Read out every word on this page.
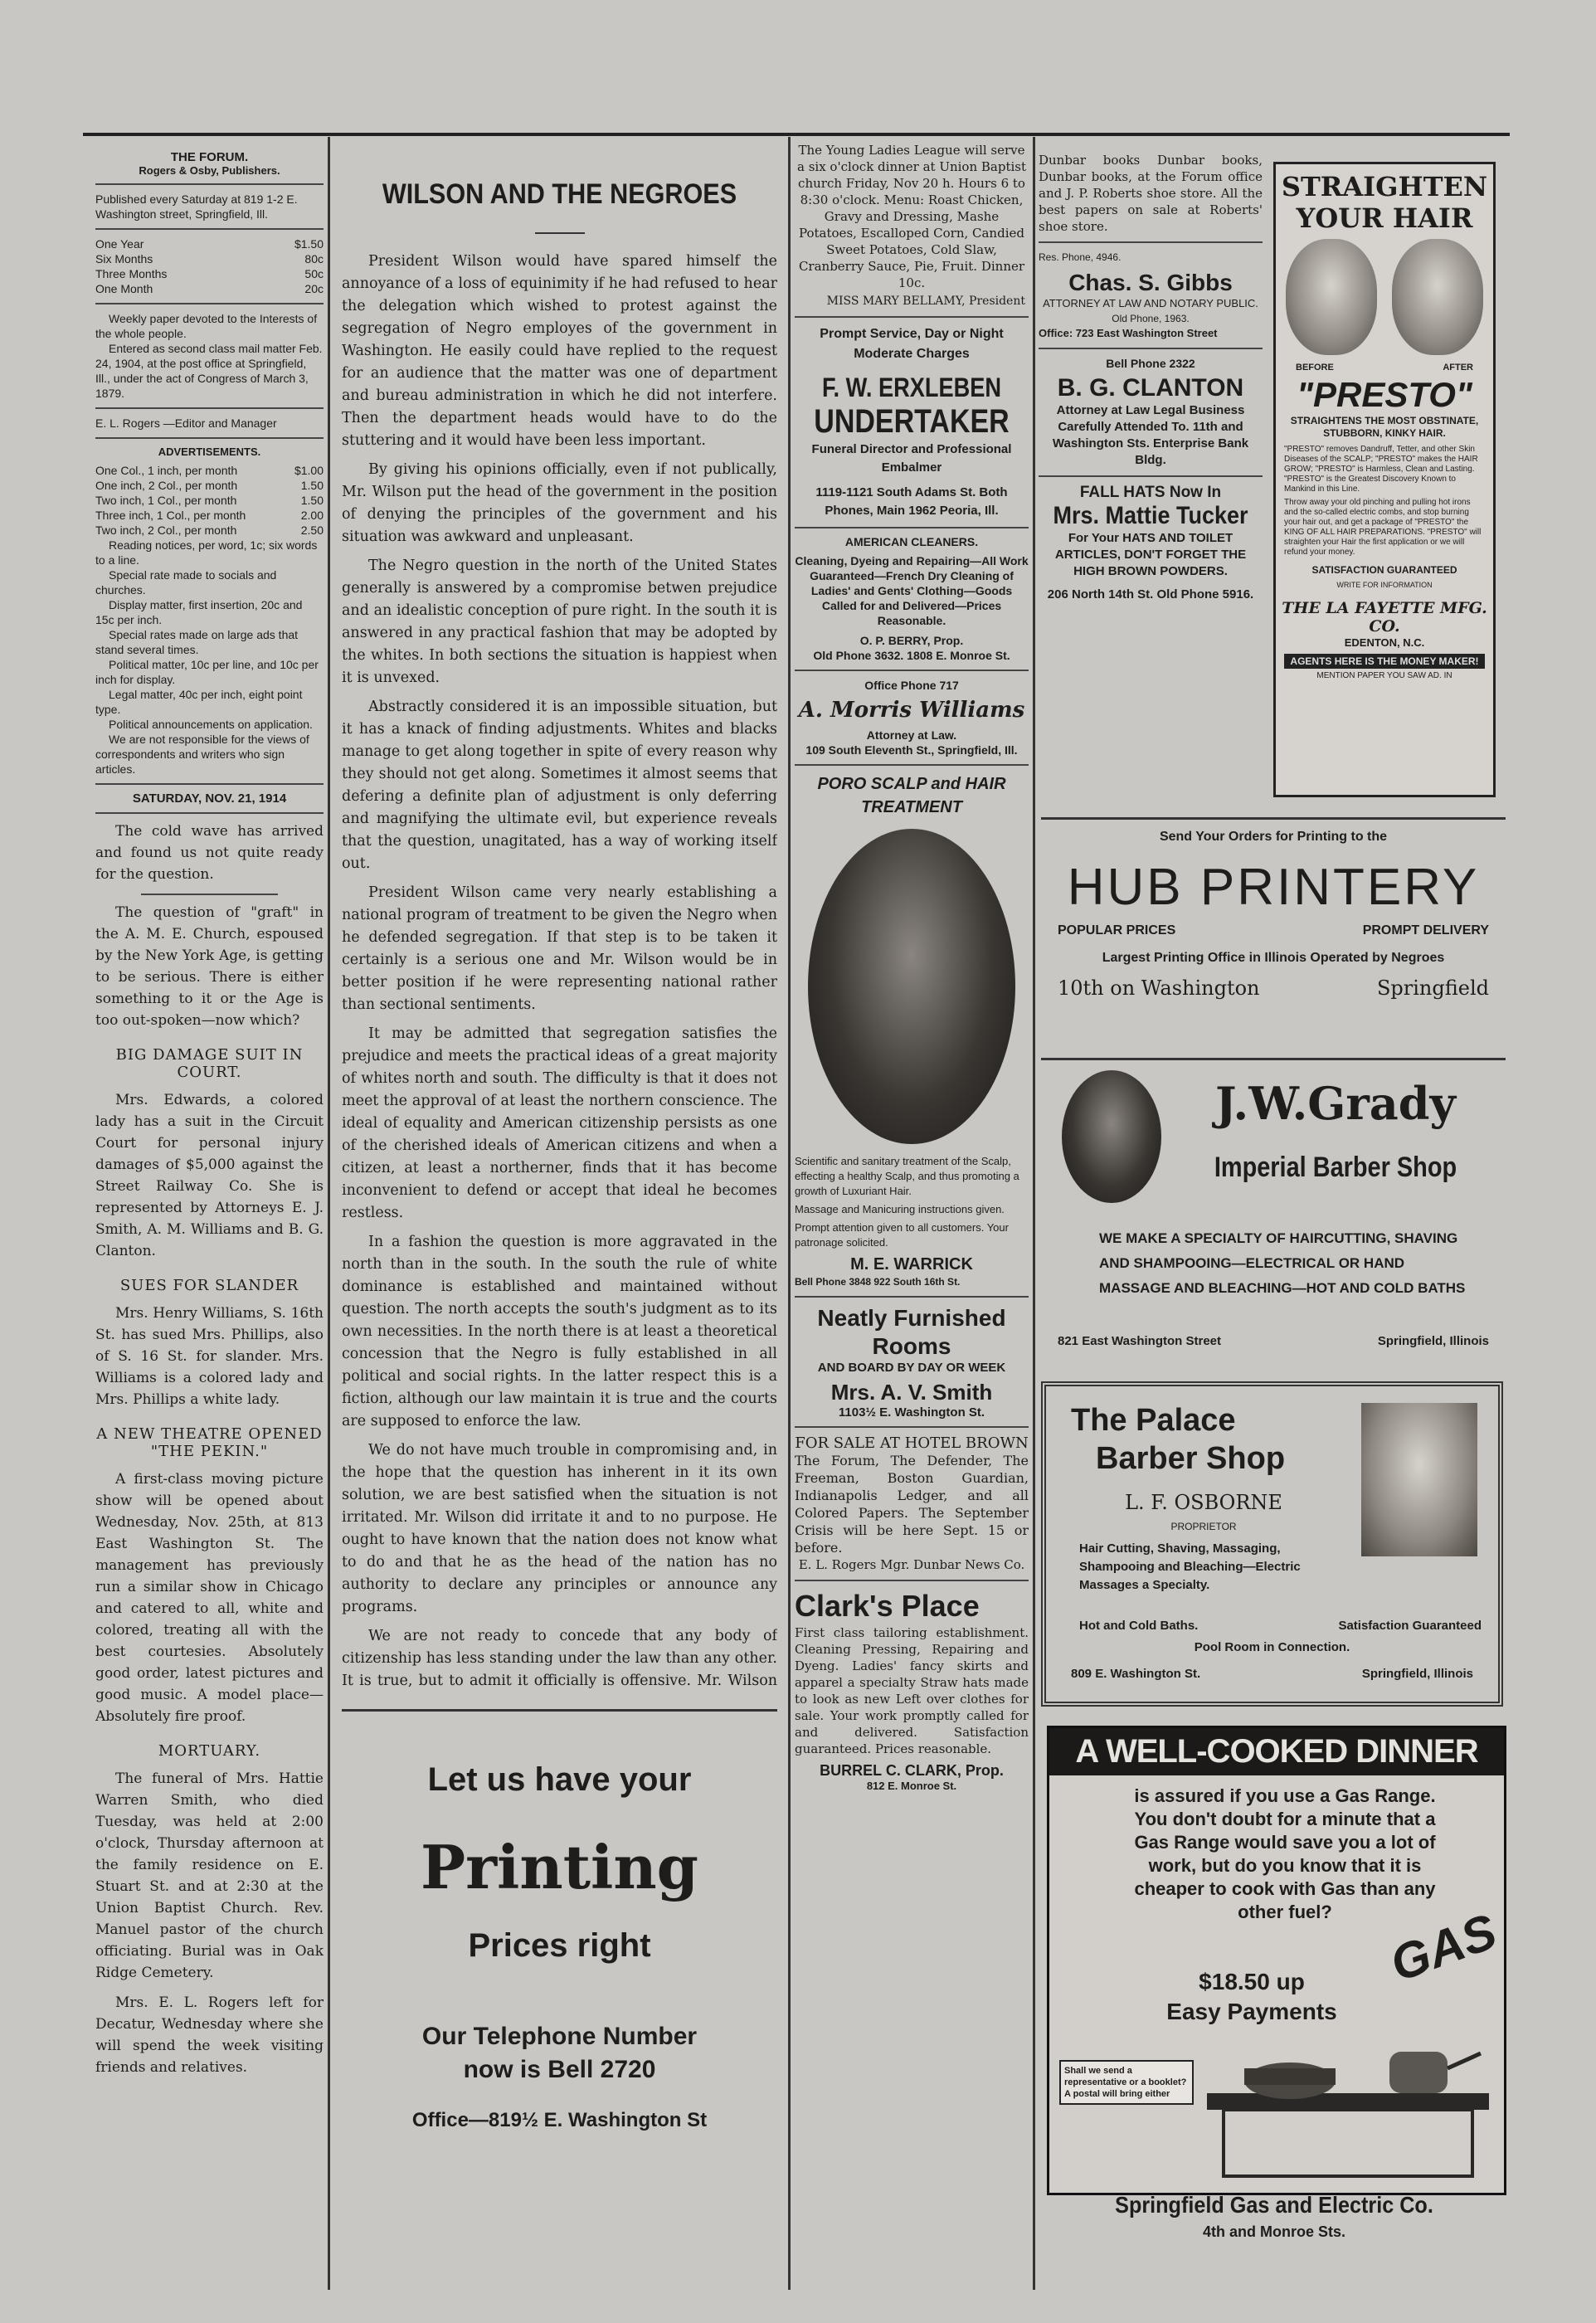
THE FORUM.
Rogers & Osby, Publishers.
Published every Saturday at 819 1-2 E. Washington street, Springfield, Ill.
One Year	$1.50
Six Months	80c
Three Months	50c
One Month	20c
Weekly paper devoted to the Interests of the whole people.
Entered as second class mail matter Feb. 24, 1904, at the post office at Springfield, Ill., under the act of Congress of March 3, 1879.
E. L. Rogers —Editor and Manager
ADVERTISEMENTS.
One Col., 1 inch, per month	$1.00
One inch, 2 Col., per month	1.50
Two inch, 1 Col., per month	1.50
Three inch, 1 Col., per month	2.00
Two inch, 2 Col., per month	2.50
Reading notices, per word, 1c; six words to a line.
Special rate made to socials and churches.
Display matter, first insertion, 20c and 15c per inch.
Special rates made on large ads that stand several times.
Political matter, 10c per line, and 10c per inch for display.
Legal matter, 40c per inch, eight point type.
Political announcements on application.
We are not responsible for the views of correspondents and writers who sign articles.
SATURDAY, NOV. 21, 1914

The cold wave has arrived and found us not quite ready for the question.

The question of "graft" in the A. M. E. Church, espoused by the New York Age, is getting to be serious. There is either something to it or the Age is too out-spoken—now which?

BIG DAMAGE SUIT IN COURT.

Mrs. Edwards, a colored lady has a suit in the Circuit Court for personal injury damages of $5,000 against the Street Railway Co. She is represented by Attorneys E. J. Smith, A. M. Williams and B. G. Clanton.

SUES FOR SLANDER

Mrs. Henry Williams, S. 16th St. has sued Mrs. Phillips, also of S. 16 St. for slander. Mrs. Williams is a colored lady and Mrs. Phillips a white lady.

A NEW THEATRE OPENED "THE PEKIN."

A first-class moving picture show will be opened about Wednesday, Nov. 25th, at 813 East Washington St. The management has previously run a similar show in Chicago and catered to all, white and colored, treating all with the best courtesies. Absolutely good order, latest pictures and good music. A model place—Absolutely fire proof.

MORTUARY.

The funeral of Mrs. Hattie Warren Smith, who died Tuesday, was held at 2:00 o'clock, Thursday afternoon at the family residence on E. Stuart St. and at 2:30 at the Union Baptist Church. Rev. Manuel pastor of the church officiating. Burial was in Oak Ridge Cemetery.

Mrs. E. L. Rogers left for Decatur, Wednesday where she will spend the week visiting friends and relatives.

WILSON AND THE NEGROES

President Wilson would have spared himself the annoyance of a loss of equinimity if he had refused to hear the delegation which wished to protest against the segregation of Negro employes of the government in Washington. He easily could have replied to the request for an audience that the matter was one of department and bureau administration in which he did not interfere. Then the department heads would have to do the stuttering and it would have been less important.

By giving his opinions officially, even if not publically, Mr. Wilson put the head of the government in the position of denying the principles of the government and his situation was awkward and unpleasant.

The Negro question in the north of the United States generally is answered by a compromise betwen prejudice and an idealistic conception of pure right. In the south it is answered in any practical fashion that may be adopted by the whites. In both sections the situation is happiest when it is unvexed.

Abstractly considered it is an impossible situation, but it has a knack of finding adjustments. Whites and blacks manage to get along together in spite of every reason why they should not get along. Sometimes it almost seems that defering a definite plan of adjustment is only deferring and magnifying the ultimate evil, but experience reveals that the question, unagitated, has a way of working itself out.

President Wilson came very nearly establishing a national program of treatment to be given the Negro when he defended segregation. If that step is to be taken it certainly is a serious one and Mr. Wilson would be in better position if he were representing national rather than sectional sentiments.

It may be admitted that segregation satisfies the prejudice and meets the practical ideas of a great majority of whites north and south. The difficulty is that it does not meet the approval of at least the northern conscience. The ideal of equality and American citizenship persists as one of the cherished ideals of American citizens and when a citizen, at least a northerner, finds that it has become inconvenient to defend or accept that ideal he becomes restless.

In a fashion the question is more aggravated in the north than in the south. In the south the rule of white dominance is established and maintained without question. The north accepts the south's judgment as to its own necessities. In the north there is at least a theoretical concession that the Negro is fully established in all political and social rights. In the latter respect this is a fiction, although our law maintain it is true and the courts are supposed to enforce the law.

We do not have much trouble in compromising and, in the hope that the question has inherent in it its own solution, we are best satisfied when the situation is not irritated. Mr. Wilson did irritate it and to no purpose. He ought to have known that the nation does not know what to do and that he as the head of the nation has no authority to declare any principles or announce any programs.

We are not ready to concede that any body of citizenship has less standing under the law than any other. It is true, but to admit it officially is offensive. Mr. Wilson

Let us have your
Printing
Prices right
Our Telephone Number
now is Bell 2720
Office—819½ E. Washington St
The Young Ladies League will serve a six o'clock dinner at Union Baptist church Friday, Nov 20 h. Hours 6 to 8:30 o'clock. Menu: Roast Chicken, Gravy and Dressing, Mashe Potatoes, Escalloped Corn, Candied Sweet Potatoes, Cold Slaw, Cranberry Sauce, Pie, Fruit. Dinner 10c.
MISS MARY BELLAMY, President
Prompt Service, Day or Night Moderate Charges
F. W. ERXLEBEN
UNDERTAKER
Funeral Director and Professional Embalmer
1119-1121 South Adams St. Both Phones, Main 1962 Peoria, Ill.
AMERICAN CLEANERS.
Cleaning, Dyeing and Repairing—All Work Guaranteed—French Dry Cleaning of Ladies' and Gents' Clothing—Goods Called for and Delivered—Prices Reasonable.
O. P. BERRY, Prop.
Old Phone 3632. 1808 E. Monroe St.
Office Phone 717
A. Morris Williams
Attorney at Law.
109 South Eleventh St., Springfield, Ill.
PORO SCALP and HAIR TREATMENT
Scientific and sanitary treatment of the Scalp, effecting a healthy Scalp, and thus promoting a growth of Luxuriant Hair.
Massage and Manicuring instructions given.
Prompt attention given to all customers. Your patronage solicited.
M. E. WARRICK
Bell Phone 3848 922 South 16th St.
Neatly Furnished Rooms
AND BOARD BY DAY OR WEEK
Mrs. A. V. Smith
1103½ E. Washington St.
FOR SALE AT HOTEL BROWN
The Forum, The Defender, The Freeman, Boston Guardian, Indianapolis Ledger, and all Colored Papers. The September Crisis will be here Sept. 15 or before.
E. L. Rogers Mgr. Dunbar News Co.
Clark's Place
First class tailoring establishment. Cleaning Pressing, Repairing and Dyeng. Ladies' fancy skirts and apparel a specialty Straw hats made to look as new Left over clothes for sale. Your work promptly called for and delivered. Satisfaction guaranteed. Prices reasonable.
BURREL C. CLARK, Prop.
812 E. Monroe St.
Dunbar books Dunbar books, Dunbar books, at the Forum office and J. P. Roberts shoe store. All the best papers on sale at Roberts' shoe store.
Res. Phone, 4946.
Chas. S. Gibbs
ATTORNEY AT LAW AND NOTARY PUBLIC.
Old Phone, 1963.
Office: 723 East Washington Street
Bell Phone 2322
B. G. CLANTON
Attorney at Law Legal Business Carefully Attended To. 11th and Washington Sts. Enterprise Bank Bldg.
FALL HATS Now In
Mrs. Mattie Tucker
For Your HATS AND TOILET ARTICLES, DON'T FORGET THE HIGH BROWN POWDERS.
206 North 14th St. Old Phone 5916.
STRAIGHTEN
YOUR HAIR
BEFORE	AFTER
"PRESTO"
STRAIGHTENS THE MOST OBSTINATE, STUBBORN, KINKY HAIR.
"PRESTO" removes Dandruff, Tetter, and other Skin Diseases of the SCALP; "PRESTO" makes the HAIR GROW; "PRESTO" is Harmless, Clean and Lasting. "PRESTO" is the Greatest Discovery Known to Mankind in this Line.
Throw away your old pinching and pulling hot irons and the so-called electric combs, and stop burning your hair out, and get a package of "PRESTO" the KING OF ALL HAIR PREPARATIONS. "PRESTO" will straighten your Hair the first application or we will refund your money.
SATISFACTION GUARANTEED
WRITE FOR INFORMATION
THE LA FAYETTE MFG. CO.
EDENTON, N.C.
AGENTS HERE IS THE MONEY MAKER!
MENTION PAPER YOU SAW AD. IN
Send Your Orders for Printing to the
HUB PRINTERY
POPULAR PRICES	PROMPT DELIVERY
Largest Printing Office in Illinois Operated by Negroes
10th on Washington	Springfield
J.W.Grady
Imperial Barber Shop
WE MAKE A SPECIALTY OF HAIRCUTTING, SHAVING AND SHAMPOOING—ELECTRICAL OR HAND MASSAGE AND BLEACHING—HOT AND COLD BATHS
821 East Washington Street	Springfield, Illinois
The Palace
Barber Shop
L. F. OSBORNE
PROPRIETOR
Hair Cutting, Shaving, Massaging, Shampooing and Bleaching—Electric Massages a Specialty.
Hot and Cold Baths.	Satisfaction Guaranteed
Pool Room in Connection.
809 E. Washington St.	Springfield, Illinois
A WELL-COOKED DINNER
is assured if you use a Gas Range. You don't doubt for a minute that a Gas Range would save you a lot of work, but do you know that it is cheaper to cook with Gas than any other fuel?	GAS
$18.50 up
Easy Payments
Shall we send a representative or a booklet? A postal will bring either
Springfield Gas and Electric Co.
4th and Monroe Sts.
